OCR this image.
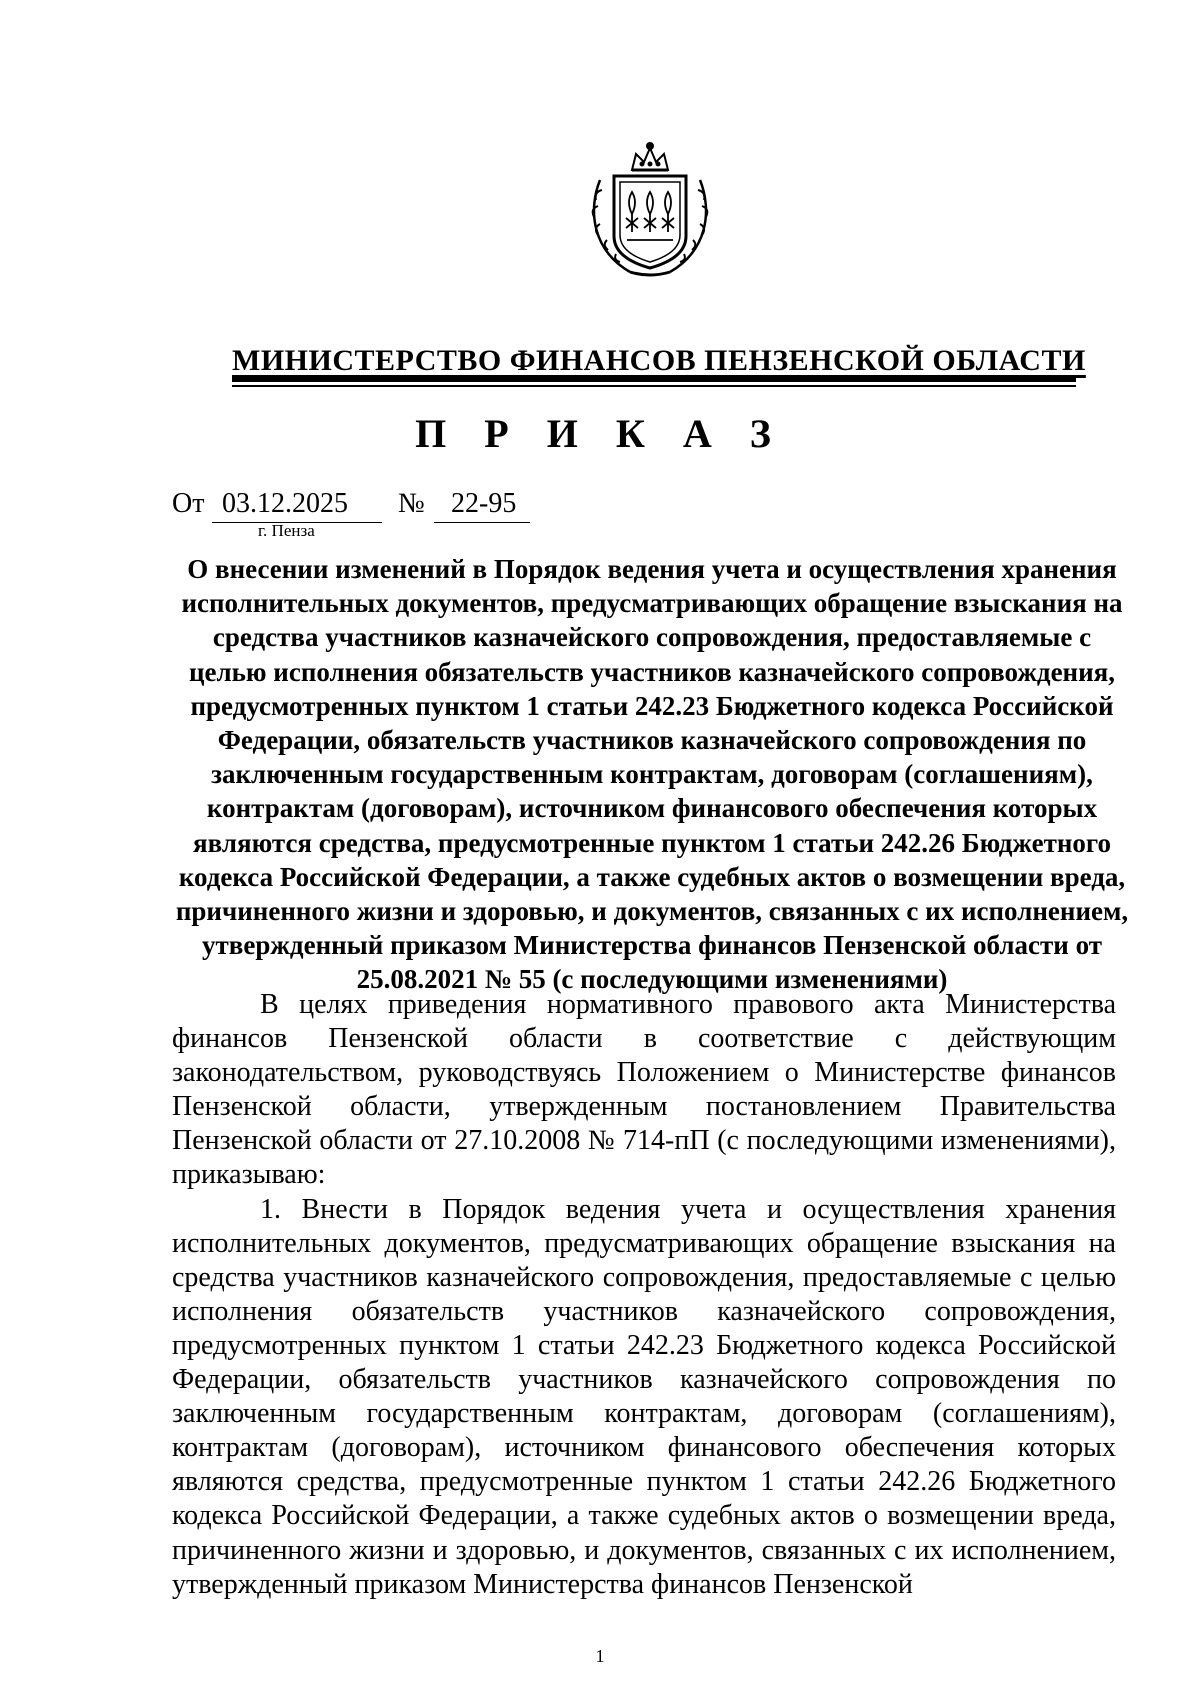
МИНИСТЕРСТВО ФИНАНСОВ ПЕНЗЕНСКОЙ ОБЛАСТИ
П Р И К А З
От 03.12.2025 № 22-95
г. Пенза
О внесении изменений в Порядок ведения учета и осуществления хранения исполнительных документов, предусматривающих обращение взыскания на средства участников казначейского сопровождения, предоставляемые с целью исполнения обязательств участников казначейского сопровождения, предусмотренных пунктом 1 статьи 242.23 Бюджетного кодекса Российской Федерации, обязательств участников казначейского сопровождения по заключенным государственным контрактам, договорам (соглашениям), контрактам (договорам), источником финансового обеспечения которых являются средства, предусмотренные пунктом 1 статьи 242.26 Бюджетного кодекса Российской Федерации, а также судебных актов о возмещении вреда, причиненного жизни и здоровью, и документов, связанных с их исполнением, утвержденный приказом Министерства финансов Пензенской области от 25.08.2021 № 55 (с последующими изменениями)

В целях приведения нормативного правового акта Министерства финансов Пензенской области в соответствие с действующим законодательством, руководствуясь Положением о Министерстве финансов Пензенской области, утвержденным постановлением Правительства Пензенской области от 27.10.2008 № 714-пП (с последующими изменениями), приказываю:

1. Внести в Порядок ведения учета и осуществления хранения исполнительных документов, предусматривающих обращение взыскания на средства участников казначейского сопровождения, предоставляемые с целью исполнения обязательств участников казначейского сопровождения, предусмотренных пунктом 1 статьи 242.23 Бюджетного кодекса Российской Федерации, обязательств участников казначейского сопровождения по заключенным государственным контрактам, договорам (соглашениям), контрактам (договорам), источником финансового обеспечения которых являются средства, предусмотренные пунктом 1 статьи 242.26 Бюджетного кодекса Российской Федерации, а также судебных актов о возмещении вреда, причиненного жизни и здоровью, и документов, связанных с их исполнением, утвержденный приказом Министерства финансов Пензенской

1
